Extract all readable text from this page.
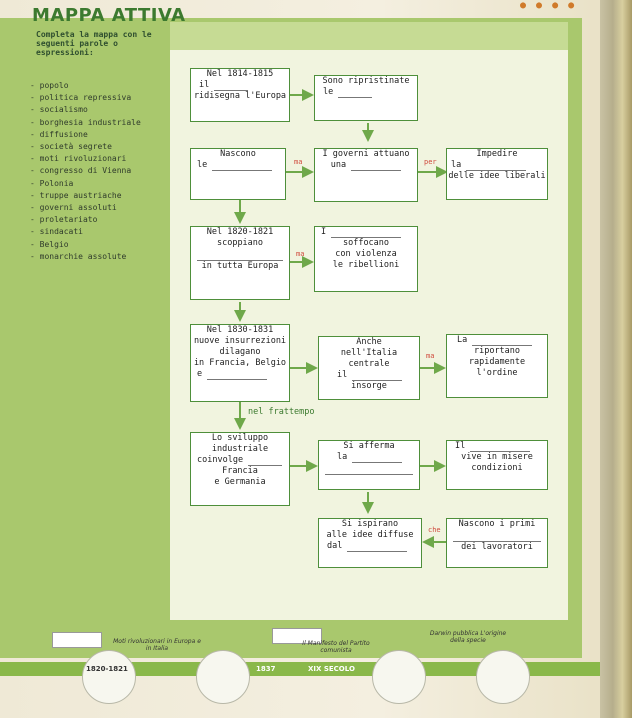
● ● ● ●
MAPPA ATTIVA
Completa la mappa con le seguenti parole o espressioni:
- popolo
- politica repressiva
- socialismo
- borghesia industriale
- diffusione
- società segrete
- moti rivoluzionari
- congresso di Vienna
- Polonia
- truppe austriache
- governi assoluti
- proletariato
- sindacati
- Belgio
- monarchie assolute
Nel 1814-1815
il
ridisegna l'Europa
Sono ripristinate
le
Nascono
le	ma
I governi attuano
una	per
Impedire
la
delle idee liberali
Nel 1820-1821
scoppiano
in tutta Europa
ma
I
soffocano
con violenza
le ribellioni
Nel 1830-1831
nuove insurrezioni
dilagano
in Francia, Belgio
e
Anche
nell'Italia centrale
il
insorge
ma
La
riportano
rapidamente
l'ordine
nel frattempo
Lo sviluppo
industriale
coinvolge
Francia
e Germania
Si afferma
la
Il
vive in misere
condizioni
Si ispirano
alle idee diffuse
dal
che
Nascono i primi
dei lavoratori
Moti rivoluzionari in Europa e in Italia
Il Manifesto del Partito comunista
Darwin pubblica L'origine della specie
1820-1821	1837	XIX SECOLO
